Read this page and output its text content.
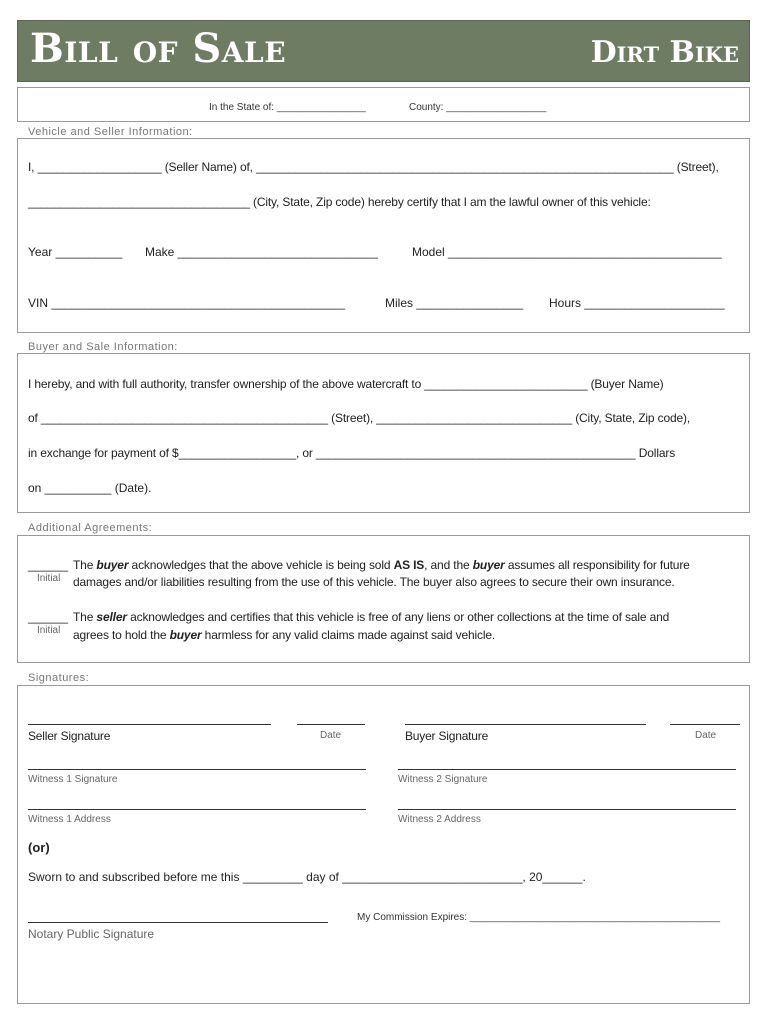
Bill of Sale	Dirt Bike
In the State of: ________________	County: __________________
Vehicle and Seller Information:
I, ___________________ (Seller Name) of, ________________________________________________________________ (Street),
__________________________________ (City, State, Zip code) hereby certify that I am the lawful owner of this vehicle:
Year __________ Make ______________________________	Model _________________________________________
VIN ____________________________________________	Miles ________________ Hours _____________________
Buyer and Sale Information:
I hereby, and with full authority, transfer ownership of the above watercraft to _________________________ (Buyer Name)
of ____________________________________________ (Street), ______________________________ (City, State, Zip code),
in exchange for payment of $__________________, or _________________________________________________ Dollars
on __________ (Date).
Additional Agreements:
______
Initial
The buyer acknowledges that the above vehicle is being sold AS IS, and the buyer assumes all responsibility for future
damages and/or liabilities resulting from the use of this vehicle. The buyer also agrees to secure their own insurance.
______
Initial
The seller acknowledges and certifies that this vehicle is free of any liens or other collections at the time of sale and
agrees to hold the buyer harmless for any valid claims made against said vehicle.
Signatures:
Seller Signature	Date	Buyer Signature	Date
Witness 1 Signature	Witness 2 Signature
Witness 1 Address	Witness 2 Address
(or)
Sworn to and subscribed before me this _________ day of ___________________________, 20______.
Notary Public Signature
My Commission Expires: _____________________________________________
